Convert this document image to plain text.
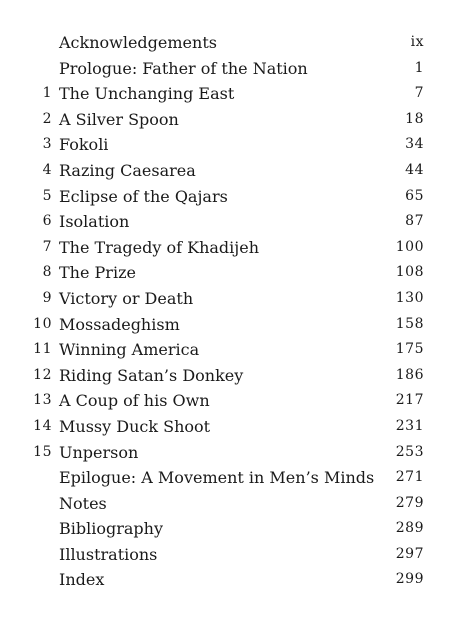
Acknowledgements	ix
Prologue: Father of the Nation	1
1 The Unchanging East	7
2 A Silver Spoon	18
3 Fokoli	34
4 Razing Caesarea	44
5 Eclipse of the Qajars	65
6 Isolation	87
7 The Tragedy of Khadijeh	100
8 The Prize	108
9 Victory or Death	130
10 Mossadeghism	158
11 Winning America	175
12 Riding Satan’s Donkey	186
13 A Coup of his Own	217
14 Mussy Duck Shoot	231
15 Unperson	253
Epilogue: A Movement in Men’s Minds 271
Notes	279
Bibliography	289
Illustrations	297
Index	299
